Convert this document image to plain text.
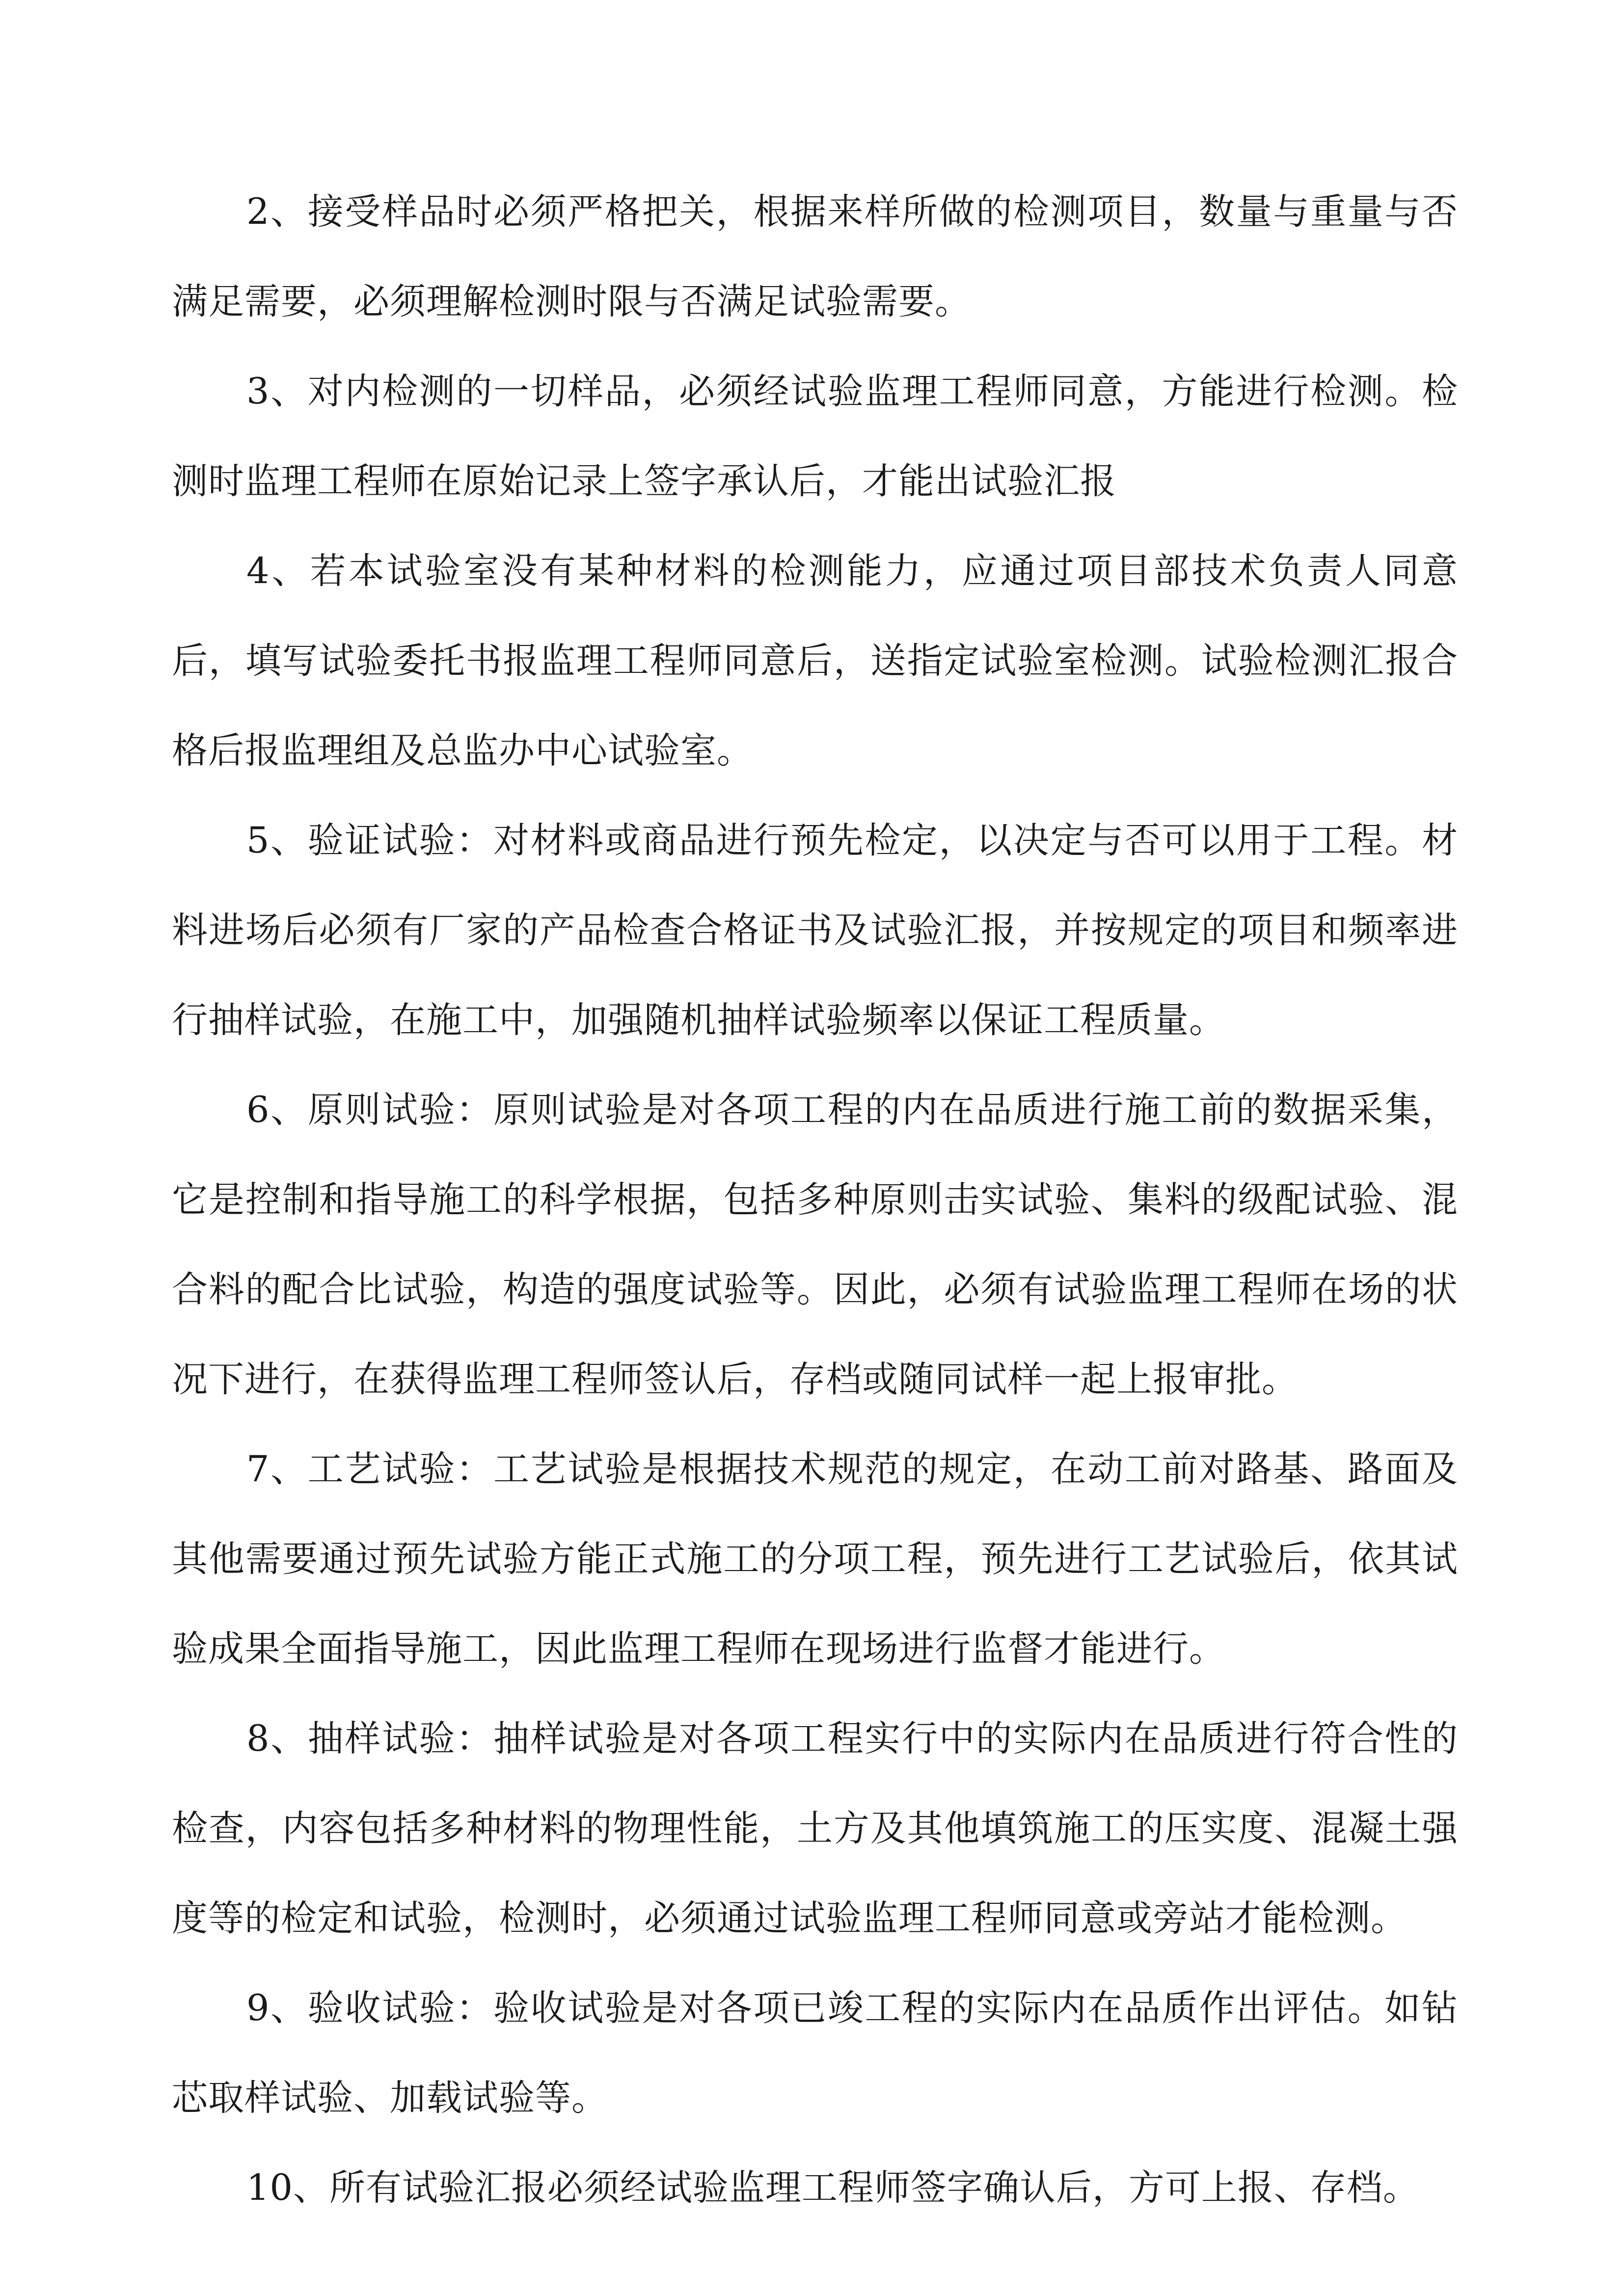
2、接受样品时必须严格把关，根据来样所做的检测项目，数量与重量与否满足需要，必须理解检测时限与否满足试验需要。

3、对内检测的一切样品，必须经试验监理工程师同意，方能进行检测。检测时监理工程师在原始记录上签字承认后，才能出试验汇报

4、若本试验室没有某种材料的检测能力，应通过项目部技术负责人同意后，填写试验委托书报监理工程师同意后，送指定试验室检测。试验检测汇报合格后报监理组及总监办中心试验室。

5、验证试验：对材料或商品进行预先检定，以决定与否可以用于工程。材料进场后必须有厂家的产品检查合格证书及试验汇报，并按规定的项目和频率进行抽样试验，在施工中，加强随机抽样试验频率以保证工程质量。

6、原则试验：原则试验是对各项工程的内在品质进行施工前的数据采集，它是控制和指导施工的科学根据，包括多种原则击实试验、集料的级配试验、混合料的配合比试验，构造的强度试验等。因此，必须有试验监理工程师在场的状况下进行，在获得监理工程师签认后，存档或随同试样一起上报审批。

7、工艺试验：工艺试验是根据技术规范的规定，在动工前对路基、路面及其他需要通过预先试验方能正式施工的分项工程，预先进行工艺试验后，依其试验成果全面指导施工，因此监理工程师在现场进行监督才能进行。

8、抽样试验：抽样试验是对各项工程实行中的实际内在品质进行符合性的检查，内容包括多种材料的物理性能，土方及其他填筑施工的压实度、混凝土强度等的检定和试验，检测时，必须通过试验监理工程师同意或旁站才能检测。

9、验收试验：验收试验是对各项已竣工程的实际内在品质作出评估。如钻芯取样试验、加载试验等。

10、所有试验汇报必须经试验监理工程师签字确认后，方可上报、存档。
